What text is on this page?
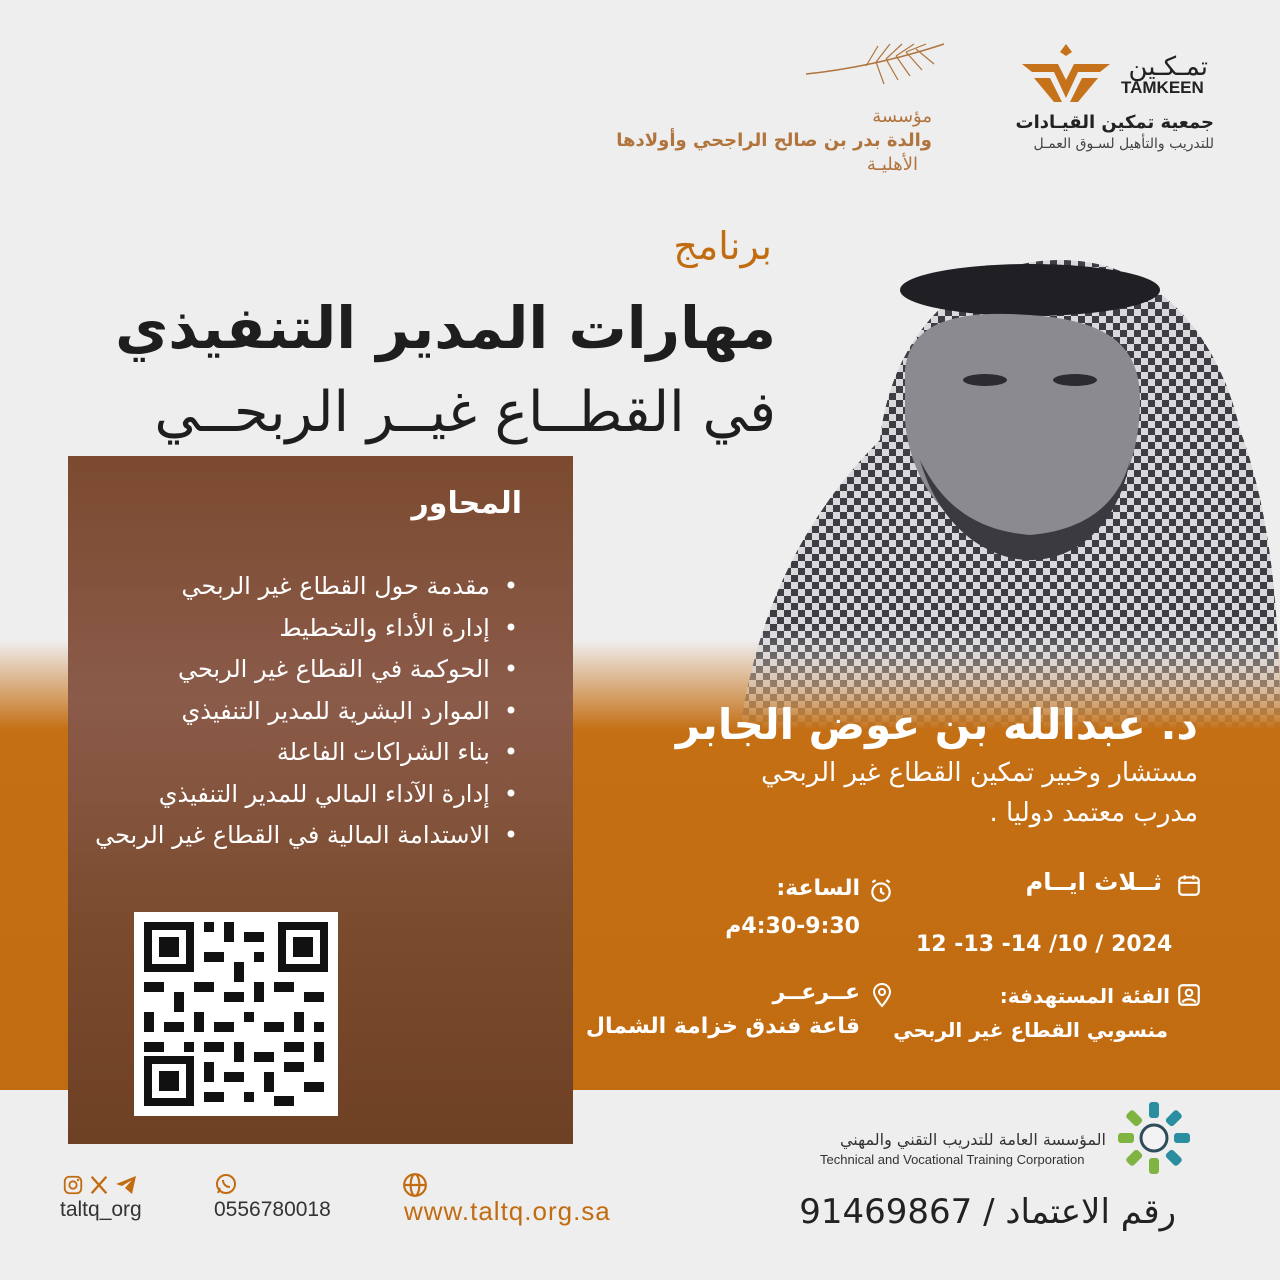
تمـكـين
TAMKEEN
جمعية تمكين القيـادات
للتدريب والتأهيل لسـوق العمـل
مؤسسة
والدة بدر بن صالح الراجحي وأولادها
الأهليـة
برنامج
مهارات المدير التنفيذي
في القطــاع غيــر الربحــي
المحاور
• مقدمة حول القطاع غير الربحي
• إدارة الأداء والتخطيط
• الحوكمة في القطاع غير الربحي
• الموارد البشرية للمدير التنفيذي
• بناء الشراكات الفاعلة
• إدارة الآداء المالي للمدير التنفيذي
• الاستدامة المالية في القطاع غير الربحي
د. عبدالله بن عوض الجابر
مستشار وخبير تمكين القطاع غير الربحي
مدرب معتمد دوليا .
ثــلاث ايــام
12 -13 -14 /10 / 2024
الساعة:
4:30-9:30م
الفئة المستهدفة:
منسوبي القطاع غير الربحي
عــرعــر
قاعة فندق خزامة الشمال
المؤسسة العامة للتدريب التقني والمهني
Technical and Vocational Training Corporation
رقم الاعتماد / 91469867
taltq_org	0556780018	www.taltq.org.sa
